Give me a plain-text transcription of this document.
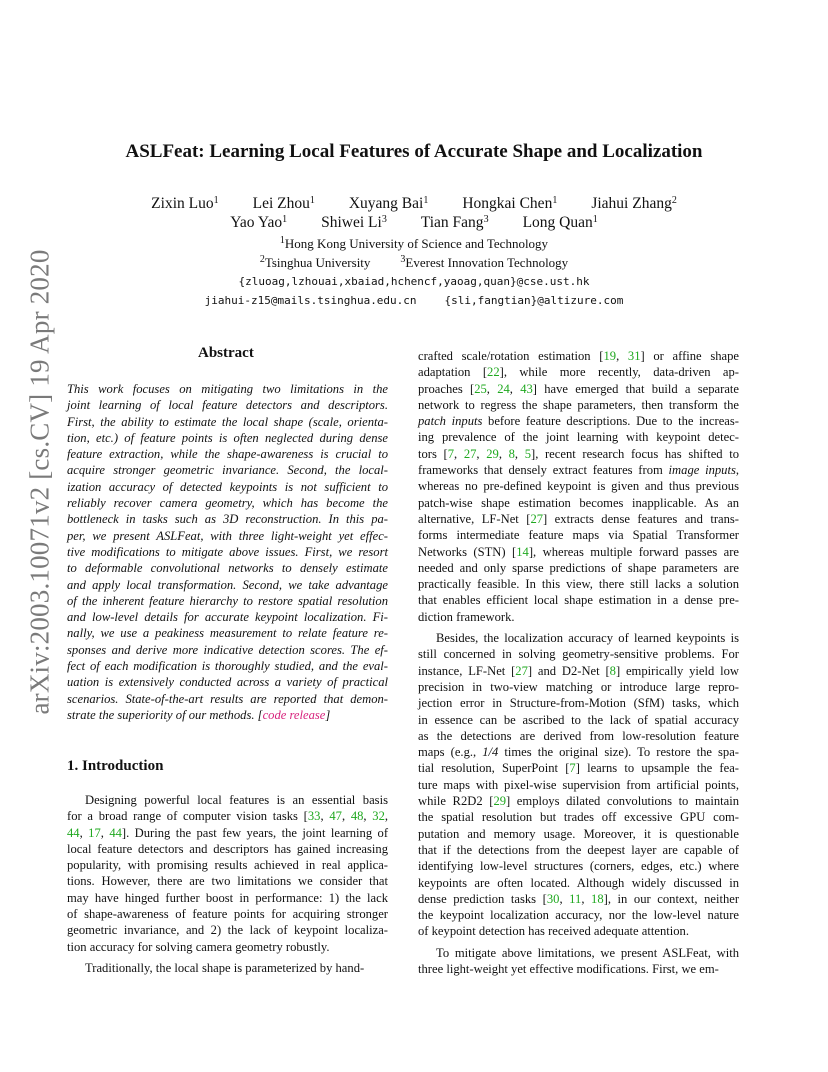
arXiv:2003.10071v2 [cs.CV] 19 Apr 2020
ASLFeat: Learning Local Features of Accurate Shape and Localization
Zixin Luo$^1$ Lei Zhou$^1$ Xuyang Bai$^1$ Hongkai Chen$^1$ Jiahui Zhang$^2$
Yao Yao$^1$ Shiwei Li$^3$ Tian Fang$^3$ Long Quan$^1$
$^1$Hong Kong University of Science and Technology
$^2$Tsinghua University	$^3$Everest Innovation Technology
{zluoag,lzhouai,xbaiad,hchencf,yaoag,quan}@cse.ust.hk
jiahui-z15@mails.tsinghua.edu.cn	{sli,fangtian}@altizure.com
Abstract
This work focuses on mitigating two limitations in the
joint learning of local feature detectors and descriptors.
First, the ability to estimate the local shape (scale, orienta-
tion, etc.) of feature points is often neglected during dense
feature extraction, while the shape-awareness is crucial to
acquire stronger geometric invariance. Second, the local-
ization accuracy of detected keypoints is not sufficient to
reliably recover camera geometry, which has become the
bottleneck in tasks such as 3D reconstruction. In this pa-
per, we present ASLFeat, with three light-weight yet effec-
tive modifications to mitigate above issues. First, we resort
to deformable convolutional networks to densely estimate
and apply local transformation. Second, we take advantage
of the inherent feature hierarchy to restore spatial resolution
and low-level details for accurate keypoint localization. Fi-
nally, we use a peakiness measurement to relate feature re-
sponses and derive more indicative detection scores. The ef-
fect of each modification is thoroughly studied, and the eval-
uation is extensively conducted across a variety of practical
scenarios. State-of-the-art results are reported that demon-
strate the superiority of our methods. [code release]
1. Introduction
Designing powerful local features is an essential basis
for a broad range of computer vision tasks [33, 47, 48, 32,
44, 17, 44]. During the past few years, the joint learning of
local feature detectors and descriptors has gained increasing
popularity, with promising results achieved in real applica-
tions. However, there are two limitations we consider that
may have hinged further boost in performance: 1) the lack
of shape-awareness of feature points for acquiring stronger
geometric invariance, and 2) the lack of keypoint localiza-
tion accuracy for solving camera geometry robustly.
Traditionally, the local shape is parameterized by hand-
crafted scale/rotation estimation [19, 31] or affine shape
adaptation [22], while more recently, data-driven ap-
proaches [25, 24, 43] have emerged that build a separate
network to regress the shape parameters, then transform the
patch inputs before feature descriptions. Due to the increas-
ing prevalence of the joint learning with keypoint detec-
tors [7, 27, 29, 8, 5], recent research focus has shifted to
frameworks that densely extract features from image inputs,
whereas no pre-defined keypoint is given and thus previous
patch-wise shape estimation becomes inapplicable. As an
alternative, LF-Net [27] extracts dense features and trans-
forms intermediate feature maps via Spatial Transformer
Networks (STN) [14], whereas multiple forward passes are
needed and only sparse predictions of shape parameters are
practically feasible. In this view, there still lacks a solution
that enables efficient local shape estimation in a dense pre-
diction framework.
Besides, the localization accuracy of learned keypoints is
still concerned in solving geometry-sensitive problems. For
instance, LF-Net [27] and D2-Net [8] empirically yield low
precision in two-view matching or introduce large repro-
jection error in Structure-from-Motion (SfM) tasks, which
in essence can be ascribed to the lack of spatial accuracy
as the detections are derived from low-resolution feature
maps (e.g., 1/4 times the original size). To restore the spa-
tial resolution, SuperPoint [7] learns to upsample the fea-
ture maps with pixel-wise supervision from artificial points,
while R2D2 [29] employs dilated convolutions to maintain
the spatial resolution but trades off excessive GPU com-
putation and memory usage. Moreover, it is questionable
that if the detections from the deepest layer are capable of
identifying low-level structures (corners, edges, etc.) where
keypoints are often located. Although widely discussed in
dense prediction tasks [30, 11, 18], in our context, neither
the keypoint localization accuracy, nor the low-level nature
of keypoint detection has received adequate attention.
To mitigate above limitations, we present ASLFeat, with
three light-weight yet effective modifications. First, we em-
